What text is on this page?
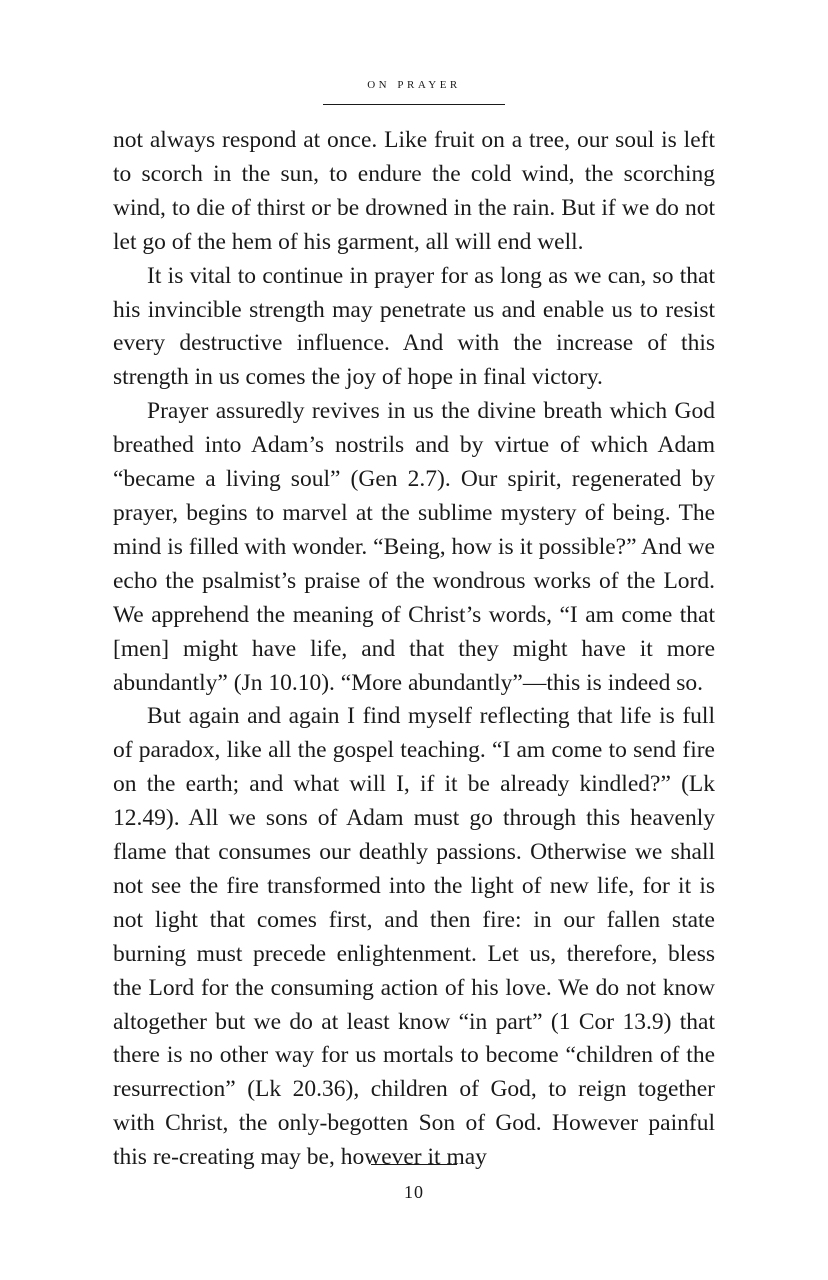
on prayer

not always respond at once. Like fruit on a tree, our soul is left to scorch in the sun, to endure the cold wind, the scorching wind, to die of thirst or be drowned in the rain. But if we do not let go of the hem of his garment, all will end well.

It is vital to continue in prayer for as long as we can, so that his invincible strength may penetrate us and enable us to resist every destructive influence. And with the increase of this strength in us comes the joy of hope in final victory.

Prayer assuredly revives in us the divine breath which God breathed into Adam’s nostrils and by virtue of which Adam “became a living soul” (Gen 2.7). Our spirit, regenerated by prayer, begins to marvel at the sublime mystery of being. The mind is filled with wonder. “Being, how is it possible?” And we echo the psalmist’s praise of the wondrous works of the Lord. We apprehend the meaning of Christ’s words, “I am come that [men] might have life, and that they might have it more abundantly” (Jn 10.10). “More abundantly”—this is indeed so.

But again and again I find myself reflecting that life is full of paradox, like all the gospel teaching. “I am come to send fire on the earth; and what will I, if it be already kindled?” (Lk 12.49). All we sons of Adam must go through this heavenly flame that consumes our deathly passions. Otherwise we shall not see the fire transformed into the light of new life, for it is not light that comes first, and then fire: in our fallen state burning must precede enlightenment. Let us, therefore, bless the Lord for the consuming action of his love. We do not know altogether but we do at least know “in part” (1 Cor 13.9) that there is no other way for us mortals to become “children of the resurrection” (Lk 20.36), children of God, to reign together with Christ, the only-begotten Son of God. However painful this re-creating may be, however it may

10
